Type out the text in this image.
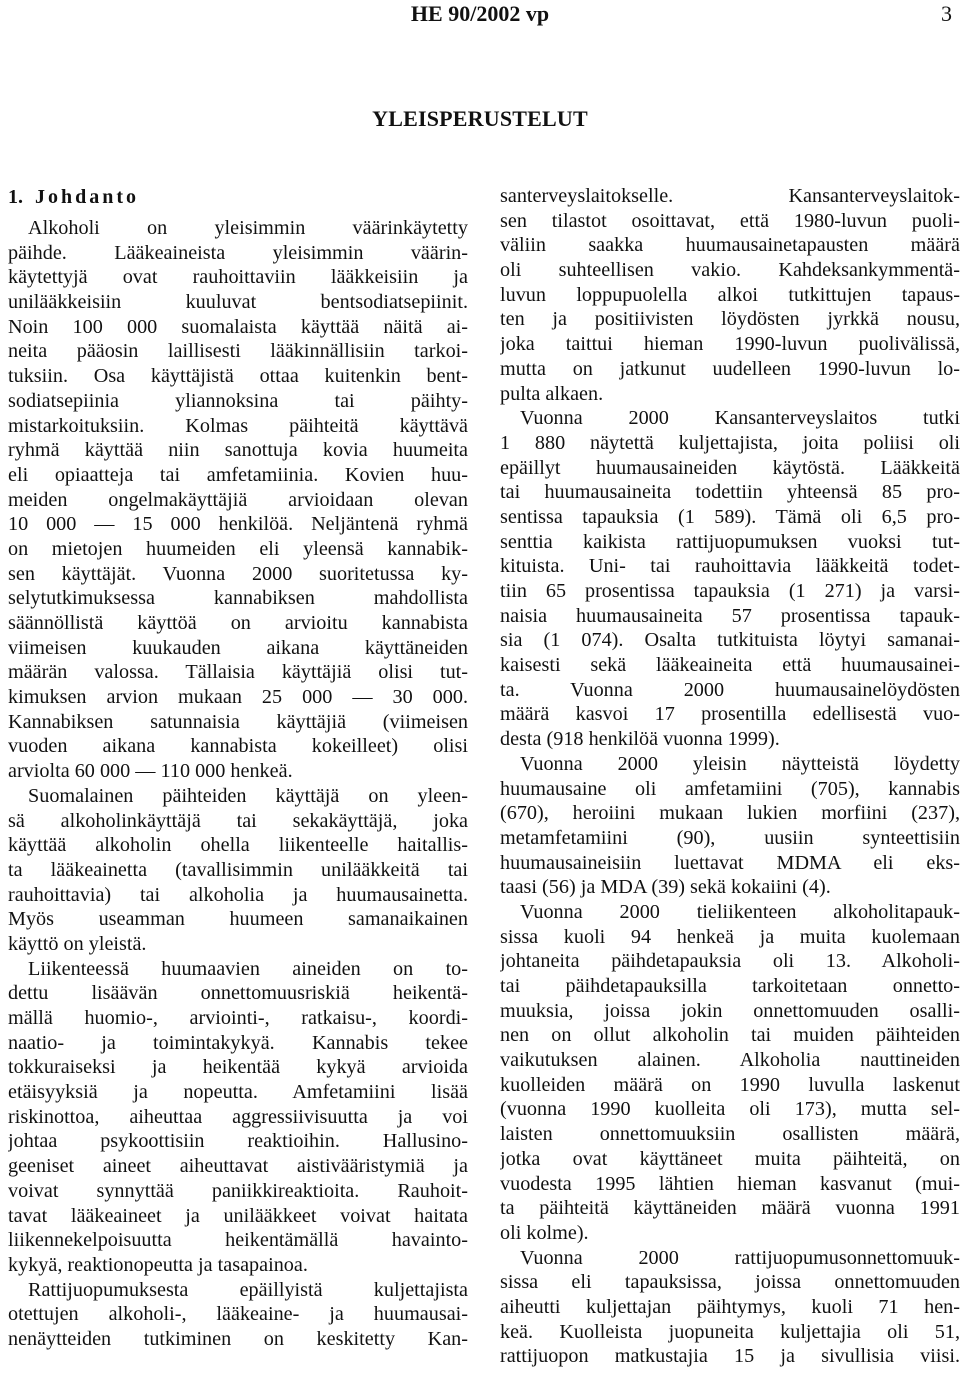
HE 90/2002 vp	3
YLEISPERUSTELUT
1. Johdanto
Alkoholi on yleisimmin väärinkäytetty
päihde. Lääkeaineista yleisimmin väärin-
käytettyjä ovat rauhoittaviin lääkkeisiin ja
unilääkkeisiin kuuluvat bentsodiatsepiinit.
Noin 100 000 suomalaista käyttää näitä ai-
neita pääosin laillisesti lääkinnällisiin tarkoi-
tuksiin. Osa käyttäjistä ottaa kuitenkin bent-
sodiatsepiinia yliannoksina tai päihty-
mistarkoituksiin. Kolmas päihteitä käyttävä
ryhmä käyttää niin sanottuja kovia huumeita
eli opiaatteja tai amfetamiinia. Kovien huu-
meiden ongelmakäyttäjiä arvioidaan olevan
10 000 — 15 000 henkilöä. Neljäntenä ryhmä
on mietojen huumeiden eli yleensä kannabik-
sen käyttäjät. Vuonna 2000 suoritetussa ky-
selytutkimuksessa kannabiksen mahdollista
säännöllistä käyttöä on arvioitu kannabista
viimeisen kuukauden aikana käyttäneiden
määrän valossa. Tällaisia käyttäjiä olisi tut-
kimuksen arvion mukaan 25 000 — 30 000.
Kannabiksen satunnaisia käyttäjiä (viimeisen
vuoden aikana kannabista kokeilleet) olisi
arviolta 60 000 — 110 000 henkeä.
Suomalainen päihteiden käyttäjä on yleen-
sä alkoholinkäyttäjä tai sekakäyttäjä, joka
käyttää alkoholin ohella liikenteelle haitallis-
ta lääkeainetta (tavallisimmin unilääkkeitä tai
rauhoittavia) tai alkoholia ja huumausainetta.
Myös useamman huumeen samanaikainen
käyttö on yleistä.
Liikenteessä huumaavien aineiden on to-
dettu lisäävän onnettomuusriskiä heikentä-
mällä huomio-, arviointi-, ratkaisu-, koordi-
naatio- ja toimintakykyä. Kannabis tekee
tokkuraiseksi ja heikentää kykyä arvioida
etäisyyksiä ja nopeutta. Amfetamiini lisää
riskinottoa, aiheuttaa aggressiivisuutta ja voi
johtaa psykoottisiin reaktioihin. Hallusino-
geeniset aineet aiheuttavat aistivääristymiä ja
voivat synnyttää paniikkireaktioita. Rauhoit-
tavat lääkeaineet ja unilääkkeet voivat haitata
liikennekelpoisuutta heikentämällä havainto-
kykyä, reaktionopeutta ja tasapainoa.
Rattijuopumuksesta epäillyistä kuljettajista
otettujen alkoholi-, lääkeaine- ja huumausai-
nenäytteiden tutkiminen on keskitetty Kan-
santerveyslaitokselle. Kansanterveyslaitok-
sen tilastot osoittavat, että 1980-luvun puoli-
väliin saakka huumausainetapausten määrä
oli suhteellisen vakio. Kahdeksankymmentä-
luvun loppupuolella alkoi tutkittujen tapaus-
ten ja positiivisten löydösten jyrkkä nousu,
joka taittui hieman 1990-luvun puolivälissä,
mutta on jatkunut uudelleen 1990-luvun lo-
pulta alkaen.
Vuonna 2000 Kansanterveyslaitos tutki
1 880 näytettä kuljettajista, joita poliisi oli
epäillyt huumausaineiden käytöstä. Lääkkeitä
tai huumausaineita todettiin yhteensä 85 pro-
sentissa tapauksia (1 589). Tämä oli 6,5 pro-
senttia kaikista rattijuopumuksen vuoksi tut-
kituista. Uni- tai rauhoittavia lääkkeitä todet-
tiin 65 prosentissa tapauksia (1 271) ja varsi-
naisia huumausaineita 57 prosentissa tapauk-
sia (1 074). Osalta tutkituista löytyi samanai-
kaisesti sekä lääkeaineita että huumausainei-
ta. Vuonna 2000 huumausainelöydösten
määrä kasvoi 17 prosentilla edellisestä vuo-
desta (918 henkilöä vuonna 1999).
Vuonna 2000 yleisin näytteistä löydetty
huumausaine oli amfetamiini (705), kannabis
(670), heroiini mukaan lukien morfiini (237),
metamfetamiini (90), uusiin synteettisiin
huumausaineisiin luettavat MDMA eli eks-
taasi (56) ja MDA (39) sekä kokaiini (4).
Vuonna 2000 tieliikenteen alkoholitapauk-
sissa kuoli 94 henkeä ja muita kuolemaan
johtaneita päihdetapauksia oli 13. Alkoholi-
tai päihdetapauksilla tarkoitetaan onnetto-
muuksia, joissa jokin onnettomuuden osalli-
nen on ollut alkoholin tai muiden päihteiden
vaikutuksen alainen. Alkoholia nauttineiden
kuolleiden määrä on 1990 luvulla laskenut
(vuonna 1990 kuolleita oli 173), mutta sel-
laisten onnettomuuksiin osallisten määrä,
jotka ovat käyttäneet muita päihteitä, on
vuodesta 1995 lähtien hieman kasvanut (mui-
ta päihteitä käyttäneiden määrä vuonna 1991
oli kolme).
Vuonna 2000 rattijuopumusonnettomuuk-
sissa eli tapauksissa, joissa onnettomuuden
aiheutti kuljettajan päihtymys, kuoli 71 hen-
keä. Kuolleista juopuneita kuljettajia oli 51,
rattijuopon matkustajia 15 ja sivullisia viisi.
